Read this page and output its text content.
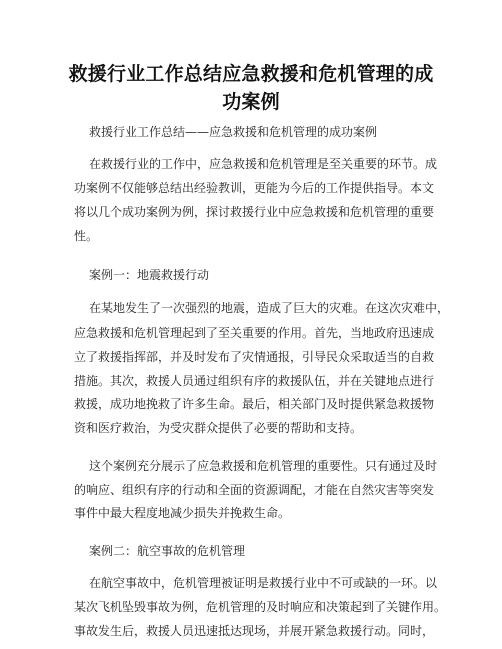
救援行业工作总结应急救援和危机管理的成
功案例

救援行业工作总结——应急救援和危机管理的成功案例

在救援行业的工作中，应急救援和危机管理是至关重要的环节。成

功案例不仅能够总结出经验教训，更能为今后的工作提供指导。本文

将以几个成功案例为例，探讨救援行业中应急救援和危机管理的重要

性。

案例一：地震救援行动

在某地发生了一次强烈的地震，造成了巨大的灾难。在这次灾难中，

应急救援和危机管理起到了至关重要的作用。首先，当地政府迅速成

立了救援指挥部，并及时发布了灾情通报，引导民众采取适当的自救

措施。其次，救援人员通过组织有序的救援队伍，并在关键地点进行

救援，成功地挽救了许多生命。最后，相关部门及时提供紧急救援物

资和医疗救治，为受灾群众提供了必要的帮助和支持。

这个案例充分展示了应急救援和危机管理的重要性。只有通过及时

的响应、组织有序的行动和全面的资源调配，才能在自然灾害等突发

事件中最大程度地减少损失并挽救生命。

案例二：航空事故的危机管理

在航空事故中，危机管理被证明是救援行业中不可或缺的一环。以

某次飞机坠毁事故为例，危机管理的及时响应和决策起到了关键作用。

事故发生后，救援人员迅速抵达现场，并展开紧急救援行动。同时，
